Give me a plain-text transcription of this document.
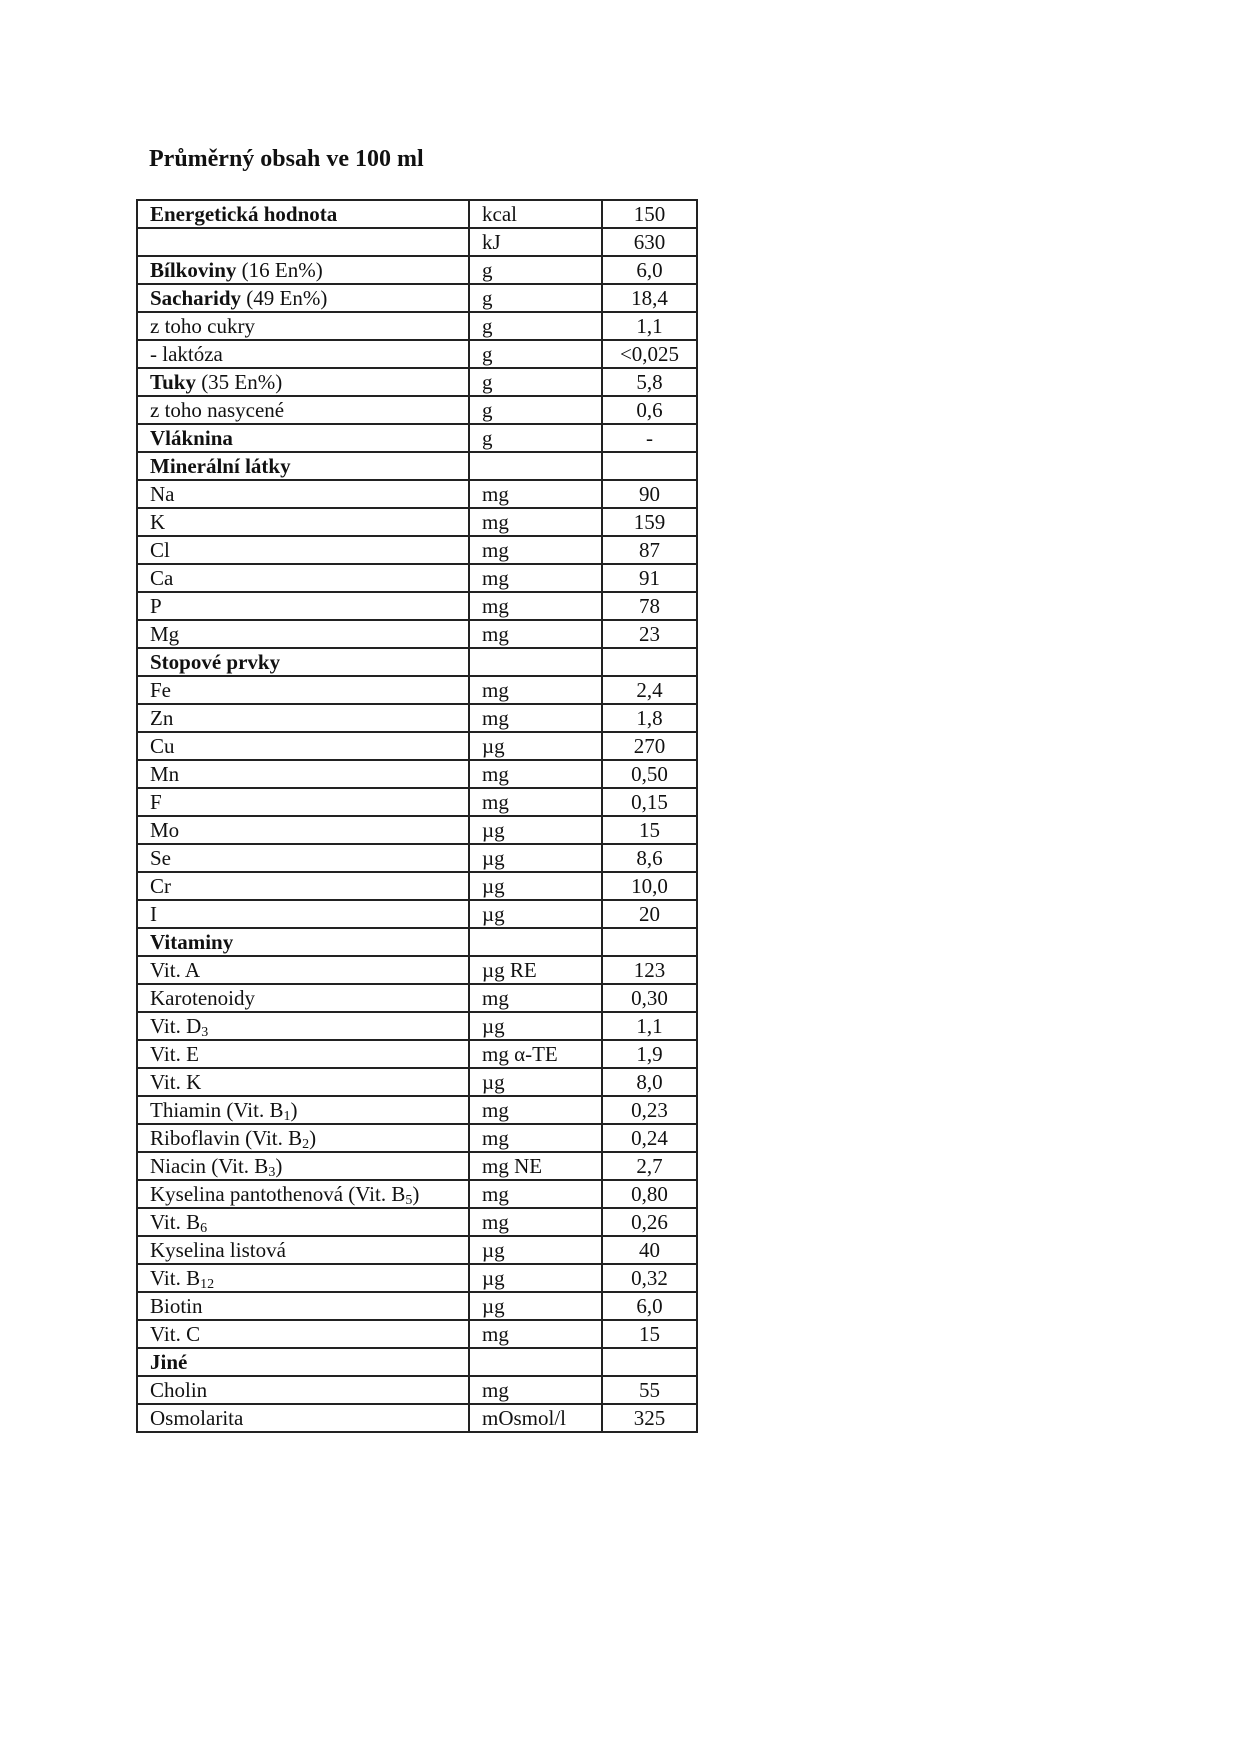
Průměrný obsah ve 100 ml
Energetická hodnota	kcal	150
	kJ	630
Bílkoviny (16 En%)	g	6,0
Sacharidy (49 En%)	g	18,4
z toho cukry	g	1,1
- laktóza	g	<0,025
Tuky (35 En%)	g	5,8
z toho nasycené	g	0,6
Vláknina	g	-
Minerální látky		
Na	mg	90
K	mg	159
Cl	mg	87
Ca	mg	91
P	mg	78
Mg	mg	23
Stopové prvky		
Fe	mg	2,4
Zn	mg	1,8
Cu	µg	270
Mn	mg	0,50
F	mg	0,15
Mo	µg	15
Se	µg	8,6
Cr	µg	10,0
I	µg	20
Vitaminy		
Vit. A	µg RE	123
Karotenoidy	mg	0,30
Vit. $D_3$	µg	1,1
Vit. E	mg α-TE	1,9
Vit. K	µg	8,0
Thiamin (Vit. $B_1$)	mg	0,23
Riboflavin (Vit. $B_2$)	mg	0,24
Niacin (Vit. $B_3$)	mg NE	2,7
Kyselina pantothenová (Vit. $B_5$)	mg	0,80
Vit. $B_6$	mg	0,26
Kyselina listová	µg	40
Vit. $B_{12}$	µg	0,32
Biotin	µg	6,0
Vit. C	mg	15
Jiné		
Cholin	mg	55
Osmolarita	mOsmol/l	325
